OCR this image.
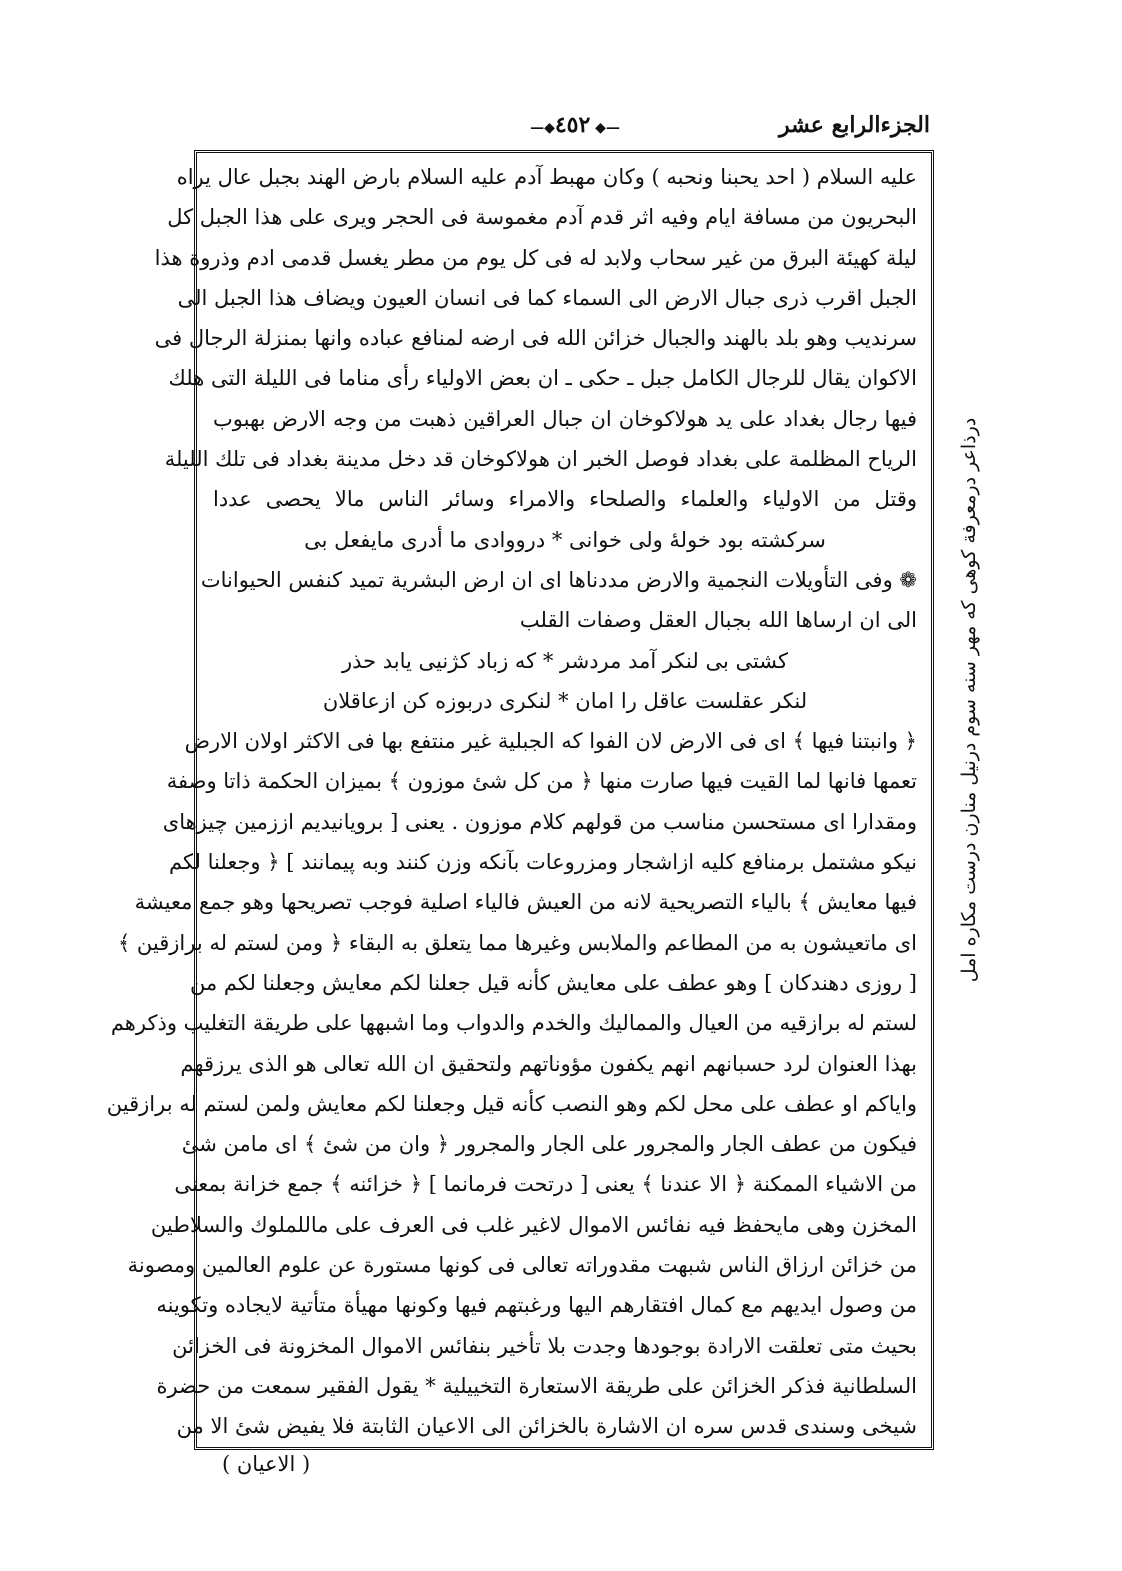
الجزءالرابع عشر
—◆ ٤٥٢ ◆—
عليه السلام ( احد يحبنا ونحبه ) وكان مهبط آدم عليه السلام بارض الهند بجبل عال يراه
البحريون من مسافة ايام وفيه اثر قدم آدم مغموسة فى الحجر ويرى على هذا الجبل كل
ليلة كهيئة البرق من غير سحاب ولابد له فى كل يوم من مطر يغسل قدمى ادم وذروة هذا
الجبل اقرب ذرى جبال الارض الى السماء كما فى انسان العيون ويضاف هذا الجبل الى
سرنديب وهو بلد بالهند والجبال خزائن الله فى ارضه لمنافع عباده وانها بمنزلة الرجال فى
الاكوان يقال للرجال الكامل جبل ـ حكى ـ ان بعض الاولياء رأى مناما فى الليلة التى هلك
فيها رجال بغداد على يد هولاكوخان ان جبال العراقين ذهبت من وجه الارض بهبوب
الرياح المظلمة على بغداد فوصل الخبر ان هولاكوخان قد دخل مدينة بغداد فى تلك الليلة
وقتل من الاولياء والعلماء والصلحاء والامراء وسائر الناس مالا يحصى عددا
سركشته بود خولهٔ ولى خوانى * درووادى ما أدرى مايفعل بى
❁ وفى التأويلات النجمية والارض مددناها اى ان ارض البشرية تميد كنفس الحيوانات
الى ان ارساها الله بجبال العقل وصفات القلب
كشتى بى لنكر آمد مردشر * كه زباد كژنيى يابد حذر
لنكر عقلست عاقل را امان * لنكرى دربوزه كن ازعاقلان
﴿ وانبتنا فيها ﴾ اى فى الارض لان الفوا كه الجبلية غير منتفع بها فى الاكثر اولان الارض
تعمها فانها لما القيت فيها صارت منها ﴿ من كل شئ موزون ﴾ بميزان الحكمة ذاتا وصفة
ومقدارا اى مستحسن مناسب من قولهم كلام موزون . يعنى [ برويانيديم اززمين چيزهاى
نيكو مشتمل برمنافع كليه ازاشجار ومزروعات بآنكه وزن كنند وبه پيمانند ] ﴿ وجعلنا لكم
فيها معايش ﴾ بالياء التصريحية لانه من العيش فالياء اصلية فوجب تصريحها وهو جمع معيشة
اى ماتعيشون به من المطاعم والملابس وغيرها مما يتعلق به البقاء ﴿ ومن لستم له برازقين ﴾
[ روزى دهندكان ] وهو عطف على معايش كأنه قيل جعلنا لكم معايش وجعلنا لكم من
لستم له برازقيه من العيال والمماليك والخدم والدواب وما اشبهها على طريقة التغليب وذكرهم
بهذا العنوان لرد حسبانهم انهم يكفون مؤوناتهم ولتحقيق ان الله تعالى هو الذى يرزقهم
واياكم او عطف على محل لكم وهو النصب كأنه قيل وجعلنا لكم معايش ولمن لستم له برازقين
فيكون من عطف الجار والمجرور على الجار والمجرور ﴿ وان من شئ ﴾ اى مامن شئ
من الاشياء الممكنة ﴿ الا عندنا ﴾ يعنى [ درتحت فرمانما ] ﴿ خزائنه ﴾ جمع خزانة بمعنى
المخزن وهى مايحفظ فيه نفائس الاموال لاغير غلب فى العرف على ماللملوك والسلاطين
من خزائن ارزاق الناس شبهت مقدوراته تعالى فى كونها مستورة عن علوم العالمين ومصونة
من وصول ايديهم مع كمال افتقارهم اليها ورغبتهم فيها وكونها مهيأة متأتية لايجاده وتكوينه
بحيث متى تعلقت الارادة بوجودها وجدت بلا تأخير بنفائس الاموال المخزونة فى الخزائن
السلطانية فذكر الخزائن على طريقة الاستعارة التخييلية * يقول الفقير سمعت من حضرة
شيخى وسندى قدس سره ان الاشارة بالخزائن الى الاعيان الثابتة فلا يفيض شئ الا من
درذاعر درمعرفة کوهی که مهر سنه سوم درنیل منارن درست مکاره امل
( الاعيان )
